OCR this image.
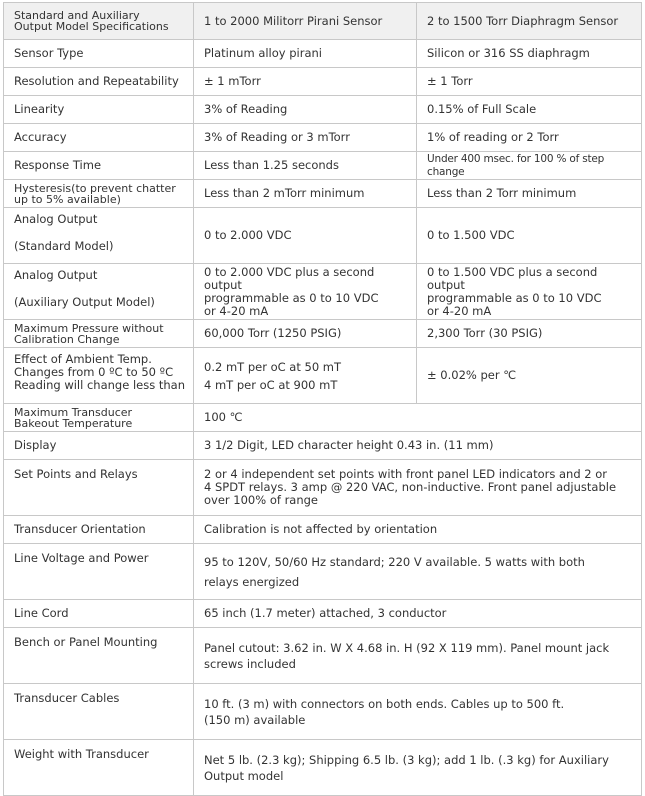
Standard and Auxiliary
Output Model Specifications	1 to 2000 Militorr Pirani Sensor	2 to 1500 Torr Diaphragm Sensor
Sensor Type	Platinum alloy pirani	Silicon or 316 SS diaphragm
Resolution and Repeatability	± 1 mTorr	± 1 Torr
Linearity	3% of Reading	0.15% of Full Scale
Accuracy	3% of Reading or 3 mTorr	1% of reading or 2 Torr
Response Time	Less than 1.25 seconds	Under 400 msec. for 100 % of step change
Hysteresis(to prevent chatter
up to 5% available)	Less than 2 mTorr minimum	Less than 2 Torr minimum
Analog Output
(Standard Model)	0 to 2.000 VDC	0 to 1.500 VDC
Analog Output
(Auxiliary Output Model)	0 to 2.000 VDC plus a second output
programmable as 0 to 10 VDC
or 4-20 mA	0 to 1.500 VDC plus a second output
programmable as 0 to 10 VDC
or 4-20 mA
Maximum Pressure without
Calibration Change	60,000 Torr (1250 PSIG)	2,300 Torr (30 PSIG)
Effect of Ambient Temp.
Changes from 0 ºC to 50 ºC
Reading will change less than	0.2 mT per oC at 50 mT
4 mT per oC at 900 mT	± 0.02% per ℃
Maximum Transducer
Bakeout Temperature	100 ℃	
Display	3 1/2 Digit, LED character height 0.43 in. (11 mm)	
Set Points and Relays	2 or 4 independent set points with front panel LED indicators and 2 or
4 SPDT relays. 3 amp @ 220 VAC, non-inductive. Front panel adjustable
over 100% of range	
Transducer Orientation	Calibration is not affected by orientation	
Line Voltage and Power	95 to 120V, 50/60 Hz standard; 220 V available. 5 watts with both
relays energized	
Line Cord	65 inch (1.7 meter) attached, 3 conductor	
Bench or Panel Mounting	Panel cutout: 3.62 in. W X 4.68 in. H (92 X 119 mm). Panel mount jack
screws included	
Transducer Cables	10 ft. (3 m) with connectors on both ends. Cables up to 500 ft.
(150 m) available	
Weight with Transducer	Net 5 lb. (2.3 kg); Shipping 6.5 lb. (3 kg); add 1 lb. (.3 kg) for Auxiliary
Output model	
